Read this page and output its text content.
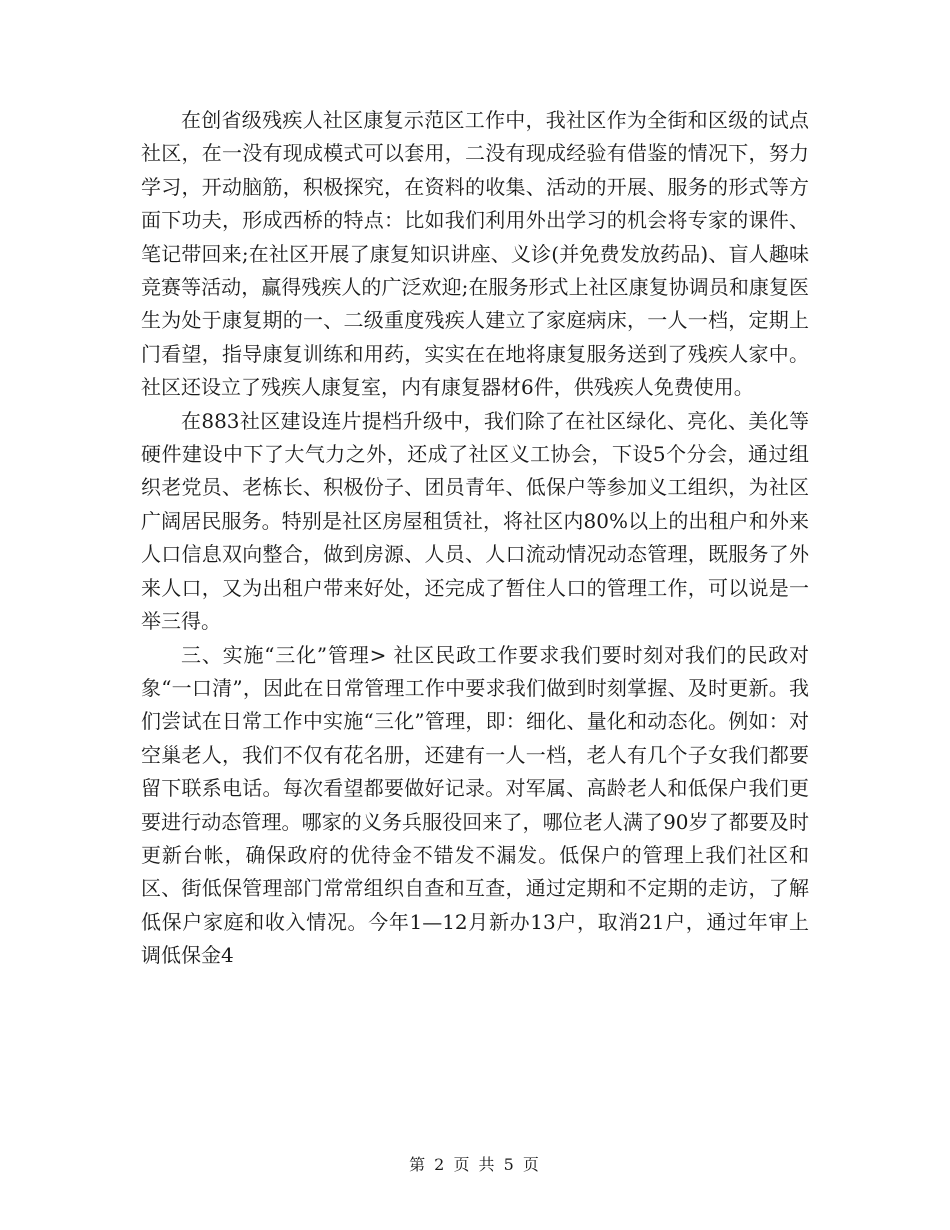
在创省级残疾人社区康复示范区工作中，我社区作为全街和区级的试点社区，在一没有现成模式可以套用，二没有现成经验有借鉴的情况下，努力学习，开动脑筋，积极探究，在资料的收集、活动的开展、服务的形式等方面下功夫，形成西桥的特点：比如我们利用外出学习的机会将专家的课件、笔记带回来;在社区开展了康复知识讲座、义诊(并免费发放药品)、盲人趣味竞赛等活动，赢得残疾人的广泛欢迎;在服务形式上社区康复协调员和康复医生为处于康复期的一、二级重度残疾人建立了家庭病床，一人一档，定期上门看望，指导康复训练和用药，实实在在地将康复服务送到了残疾人家中。社区还设立了残疾人康复室，内有康复器材6件，供残疾人免费使用。

在883社区建设连片提档升级中，我们除了在社区绿化、亮化、美化等硬件建设中下了大气力之外，还成了社区义工协会，下设5个分会，通过组织老党员、老栋长、积极份子、团员青年、低保户等参加义工组织，为社区广阔居民服务。特别是社区房屋租赁社，将社区内80%以上的出租户和外来人口信息双向整合，做到房源、人员、人口流动情况动态管理，既服务了外来人口，又为出租户带来好处，还完成了暂住人口的管理工作，可以说是一举三得。

三、实施“三化”管理> 社区民政工作要求我们要时刻对我们的民政对象“一口清”，因此在日常管理工作中要求我们做到时刻掌握、及时更新。我们尝试在日常工作中实施“三化”管理，即：细化、量化和动态化。例如：对空巢老人，我们不仅有花名册，还建有一人一档，老人有几个子女我们都要留下联系电话。每次看望都要做好记录。对军属、高龄老人和低保户我们更要进行动态管理。哪家的义务兵服役回来了，哪位老人满了90岁了都要及时更新台帐，确保政府的优待金不错发不漏发。低保户的管理上我们社区和区、街低保管理部门常常组织自查和互查，通过定期和不定期的走访，了解低保户家庭和收入情况。今年1—12月新办13户，取消21户，通过年审上调低保金4

第 2 页 共 5 页
